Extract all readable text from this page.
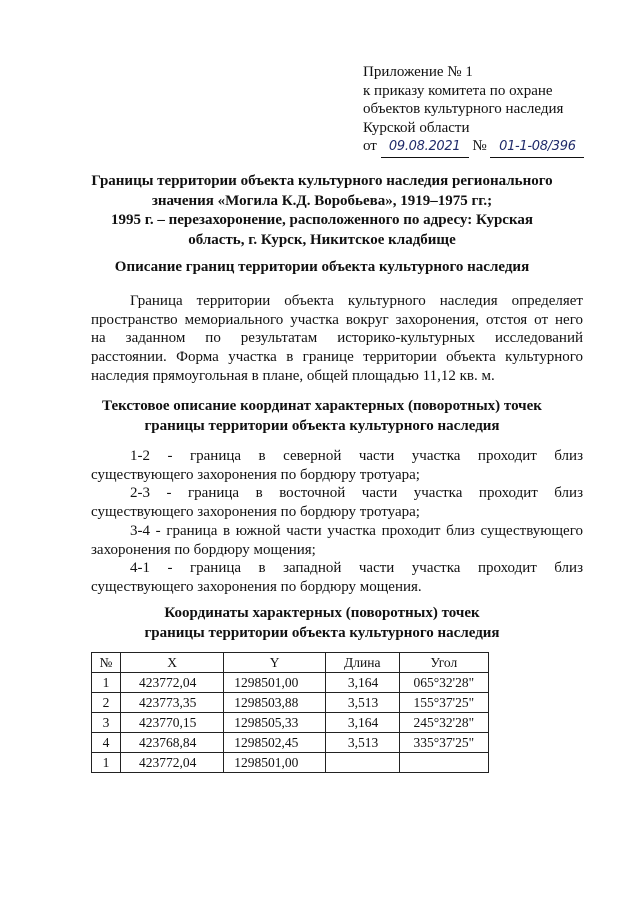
Приложение № 1
к приказу комитета по охране
объектов культурного наследия
Курской области
от 09.08.2021 № 01-1-08/396
Границы территории объекта культурного наследия регионального
значения «Могила К.Д. Воробьева», 1919–1975 гг.;
1995 г. – перезахоронение, расположенного по адресу: Курская
область, г. Курск, Никитское кладбище
Описание границ территории объекта культурного наследия
Граница территории объекта культурного наследия определяет
пространство мемориального участка вокруг захоронения, отстоя от него
на заданном по результатам историко-культурных исследований
расстоянии. Форма участка в границе территории объекта культурного
наследия прямоугольная в плане, общей площадью 11,12 кв. м.
Текстовое описание координат характерных (поворотных) точек
границы территории объекта культурного наследия
1-2 - граница в северной части участка проходит близ
существующего захоронения по бордюру тротуара;
2-3 - граница в восточной части участка проходит близ
существующего захоронения по бордюру тротуара;
3-4 - граница в южной части участка проходит близ существующего
захоронения по бордюру мощения;
4-1 - граница в западной части участка проходит близ
существующего захоронения по бордюру мощения.
Координаты характерных (поворотных) точек
границы территории объекта культурного наследия
№	X	Y	Длина	Угол
1	423772,04	1298501,00	3,164	065°32'28"
2	423773,35	1298503,88	3,513	155°37'25"
3	423770,15	1298505,33	3,164	245°32'28"
4	423768,84	1298502,45	3,513	335°37'25"
1	423772,04	1298501,00		
